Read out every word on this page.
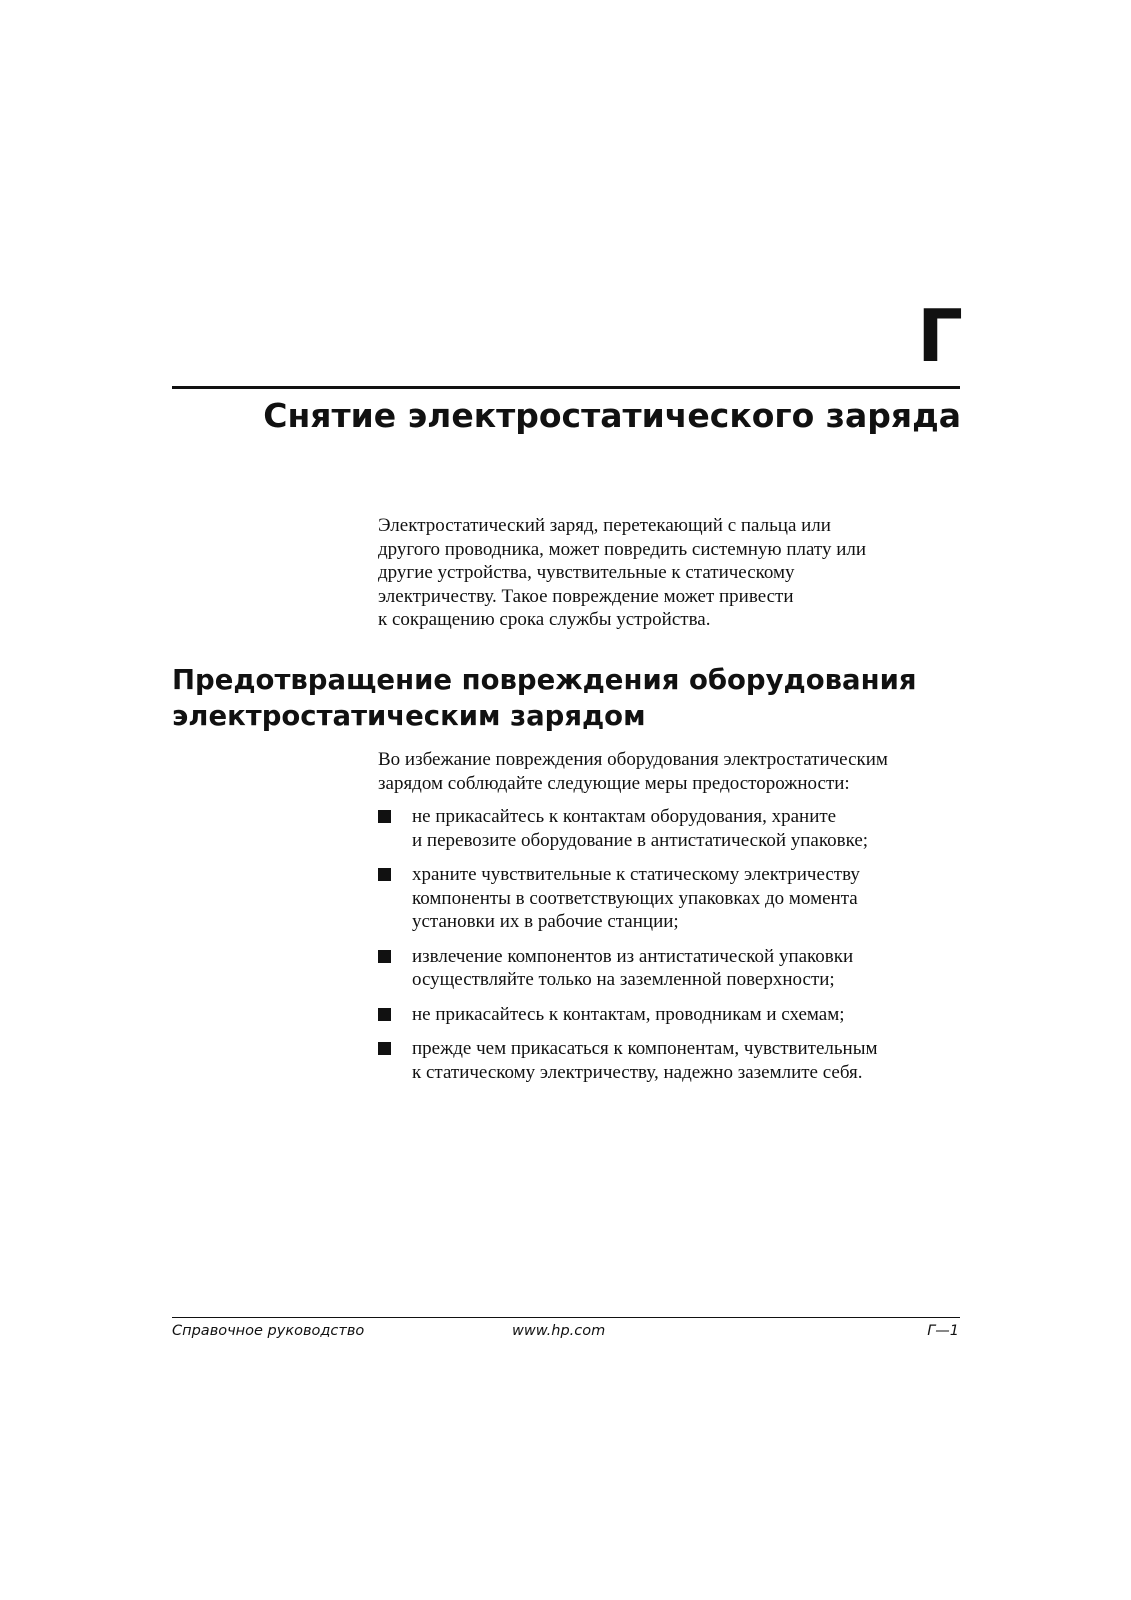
Г
Снятие электростатического заряда
Электростатический заряд, перетекающий с пальца или
другого проводника, может повредить системную плату или
другие устройства, чувствительные к статическому
электричеству. Такое повреждение может привести
к сокращению срока службы устройства.
Предотвращение повреждения оборудования
электростатическим зарядом
Во избежание повреждения оборудования электростатическим
зарядом соблюдайте следующие меры предосторожности:
не прикасайтесь к контактам оборудования, храните
и перевозите оборудование в антистатической упаковке;
храните чувствительные к статическому электричеству
компоненты в соответствующих упаковках до момента
установки их в рабочие станции;
извлечение компонентов из антистатической упаковки
осуществляйте только на заземленной поверхности;
не прикасайтесь к контактам, проводникам и схемам;
прежде чем прикасаться к компонентам, чувствительным
к статическому электричеству, надежно заземлите себя.

Справочное руководство	www.hp.com	Г—1
